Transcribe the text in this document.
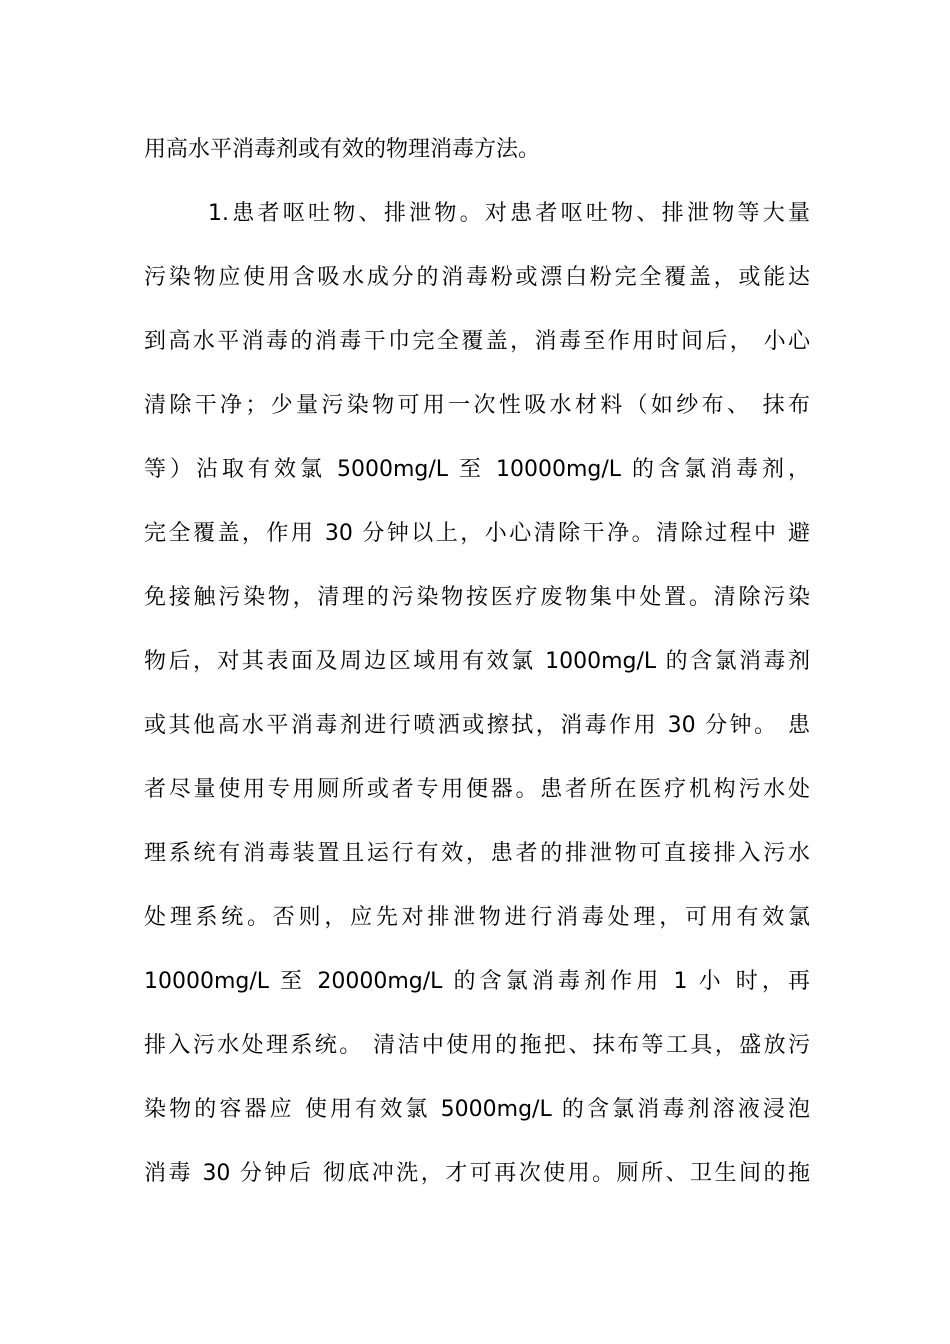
用高水平消毒剂或有效的物理消毒方法。
1.患者呕吐物、排泄物。对患者呕吐物、排泄物等大量
污染物应使用含吸水成分的消毒粉或漂白粉完全覆盖，或能达
到高水平消毒的消毒干巾完全覆盖，消毒至作用时间后， 小心
清除干净；少量污染物可用一次性吸水材料（如纱布、 抹布
等）沾取有效氯 5000mg/L 至 10000mg/L 的含氯消毒剂，
完全覆盖，作用 30 分钟以上，小心清除干净。清除过程中 避
免接触污染物，清理的污染物按医疗废物集中处置。清除污染
物后，对其表面及周边区域用有效氯 1000mg/L 的含氯消毒剂
或其他高水平消毒剂进行喷洒或擦拭，消毒作用 30 分钟。 患
者尽量使用专用厕所或者专用便器。患者所在医疗机构污水处
理系统有消毒装置且运行有效，患者的排泄物可直接排入污水
处理系统。否则，应先对排泄物进行消毒处理，可用有效氯
10000mg/L 至 20000mg/L 的含氯消毒剂作用 1 小 时，再
排入污水处理系统。 清洁中使用的拖把、抹布等工具，盛放污
染物的容器应 使用有效氯 5000mg/L 的含氯消毒剂溶液浸泡
消毒 30 分钟后 彻底冲洗，才可再次使用。厕所、卫生间的拖
